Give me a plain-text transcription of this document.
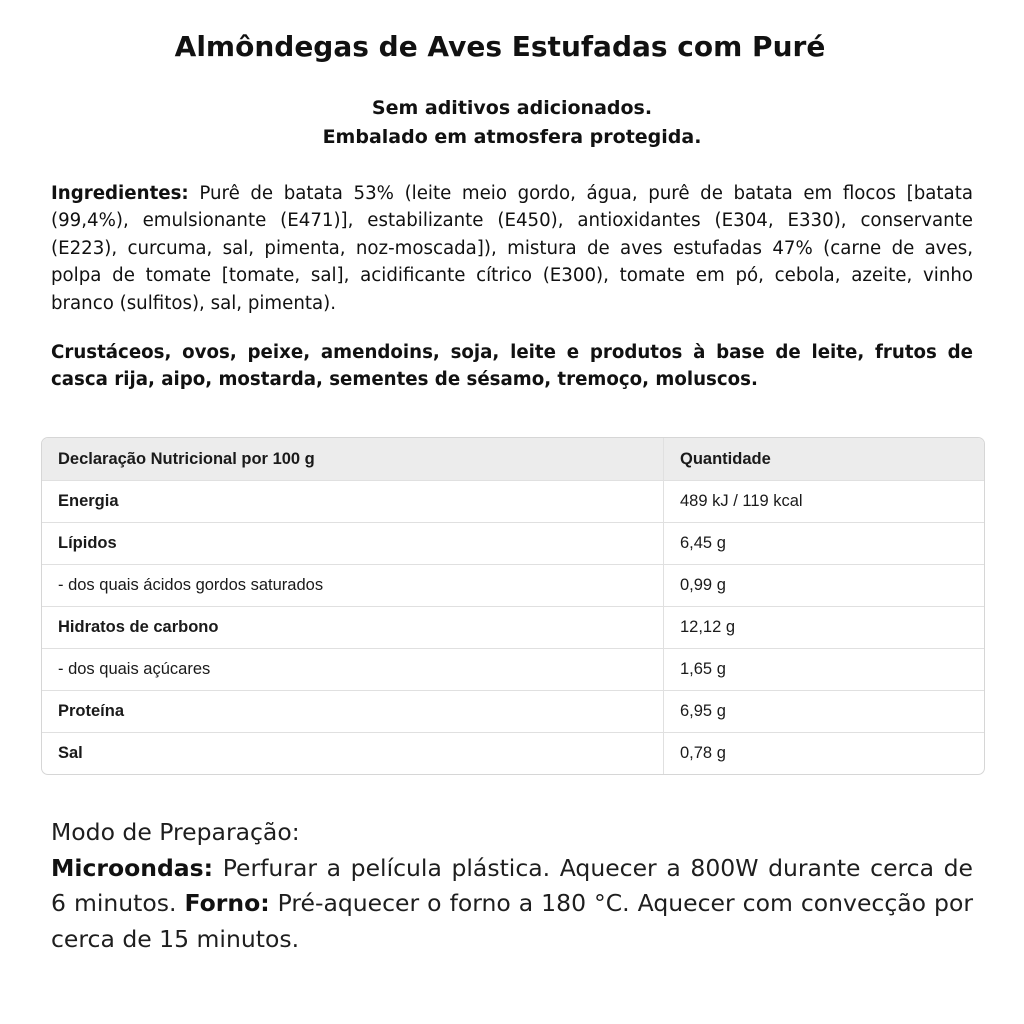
Almôndegas de Aves Estufadas com Puré
Sem aditivos adicionados.
Embalado em atmosfera protegida.
Ingredientes: Purê de batata 53% (leite meio gordo, água, purê de batata em flocos [batata (99,4%), emulsionante (E471)], estabilizante (E450), antioxidantes (E304, E330), conservante (E223), curcuma, sal, pimenta, noz-moscada]), mistura de aves estufadas 47% (carne de aves, polpa de tomate [tomate, sal], acidificante cítrico (E300), tomate em pó, cebola, azeite, vinho branco (sulfitos), sal, pimenta).
Crustáceos, ovos, peixe, amendoins, soja, leite e produtos à base de leite, frutos de casca rija, aipo, mostarda, sementes de sésamo, tremoço, moluscos.
Declaração Nutricional por 100 g	Quantidade
Energia	489 kJ / 119 kcal
Lípidos	6,45 g
- dos quais ácidos gordos saturados	0,99 g
Hidratos de carbono	12,12 g
- dos quais açúcares	1,65 g
Proteína	6,95 g
Sal	0,78 g
Modo de Preparação:
Microondas: Perfurar a película plástica. Aquecer a 800W durante cerca de 6 minutos. Forno: Pré-aquecer o forno a 180 °C. Aquecer com convecção por cerca de 15 minutos.
